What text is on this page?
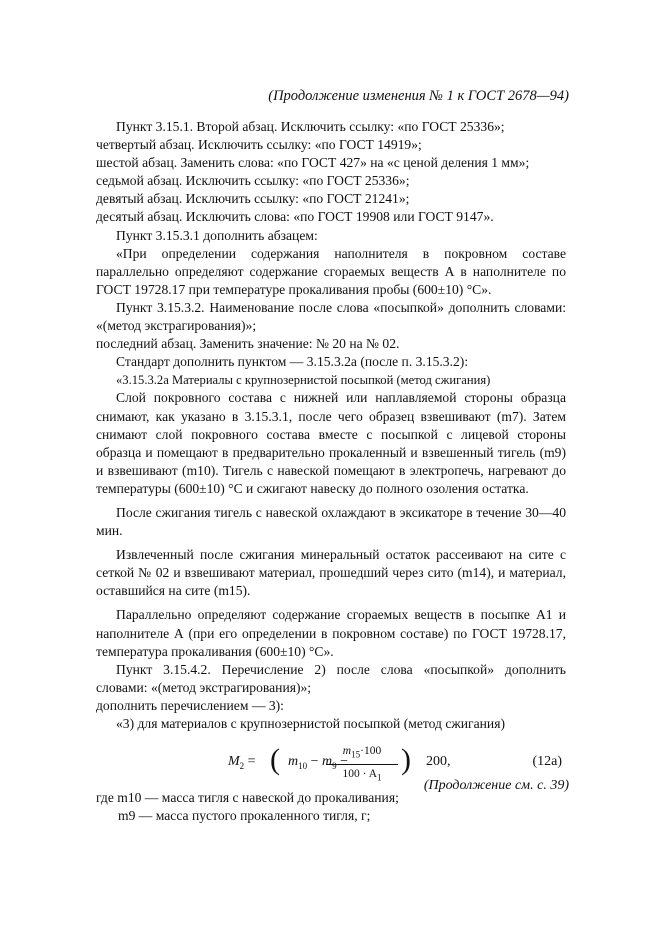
(Продолжение изменения № 1 к ГОСТ 2678—94)

Пункт 3.15.1. Второй абзац. Исключить ссылку: «по ГОСТ 25336»;

четвертый абзац. Исключить ссылку: «по ГОСТ 14919»;

шестой абзац. Заменить слова: «по ГОСТ 427» на «с ценой деления 1 мм»;

седьмой абзац. Исключить ссылку: «по ГОСТ 25336»;

девятый абзац. Исключить ссылку: «по ГОСТ 21241»;

десятый абзац. Исключить слова: «по ГОСТ 19908 или ГОСТ 9147».

Пункт 3.15.3.1 дополнить абзацем:

«При определении содержания наполнителя в покровном составе параллельно определяют содержание сгораемых веществ А в наполнителе по ГОСТ 19728.17 при температуре прокаливания пробы (600±10) °С».

Пункт 3.15.3.2. Наименование после слова «посыпкой» дополнить словами: «(метод экстрагирования)»;

последний абзац. Заменить значение: № 20 на № 02.

Стандарт дополнить пунктом — 3.15.3.2а (после п. 3.15.3.2):

«3.15.3.2а Материалы с крупнозернистой посыпкой (метод сжигания)

Слой покровного состава с нижней или наплавляемой стороны образца снимают, как указано в 3.15.3.1, после чего образец взвешивают (m7). Затем снимают слой покровного состава вместе с посыпкой с лицевой стороны образца и помещают в предварительно прокаленный и взвешенный тигель (m9) и взвешивают (m10). Тигель с навеской помещают в электропечь, нагревают до температуры (600±10) °С и сжигают навеску до полного озоления остатка.

После сжигания тигель с навеской охлаждают в эксикаторе в течение 30—40 мин.

Извлеченный после сжигания минеральный остаток рассеивают на сите с сеткой № 02 и взвешивают материал, прошедший через сито (m14), и материал, оставшийся на сите (m15).

Параллельно определяют содержание сгораемых веществ в посыпке А1 и наполнителе А (при его определении в покровном составе) по ГОСТ 19728.17, температура прокаливания (600±10) °С».

Пункт 3.15.4.2. Перечисление 2) после слова «посыпкой» дополнить словами: «(метод экстрагирования)»;

дополнить перечислением — 3):

«3) для материалов с крупнозернистой посыпкой (метод сжигания)

$M_2$ = ( $m_{10} - m_9$ −
$\frac{m_{15}\cdot 100}{100 \cdot A_1}$ ) 200,	(12а)

где m10 — масса тигля с навеской до прокаливания;

m9 — масса пустого прокаленного тигля, г;

(Продолжение см. с. 39)
